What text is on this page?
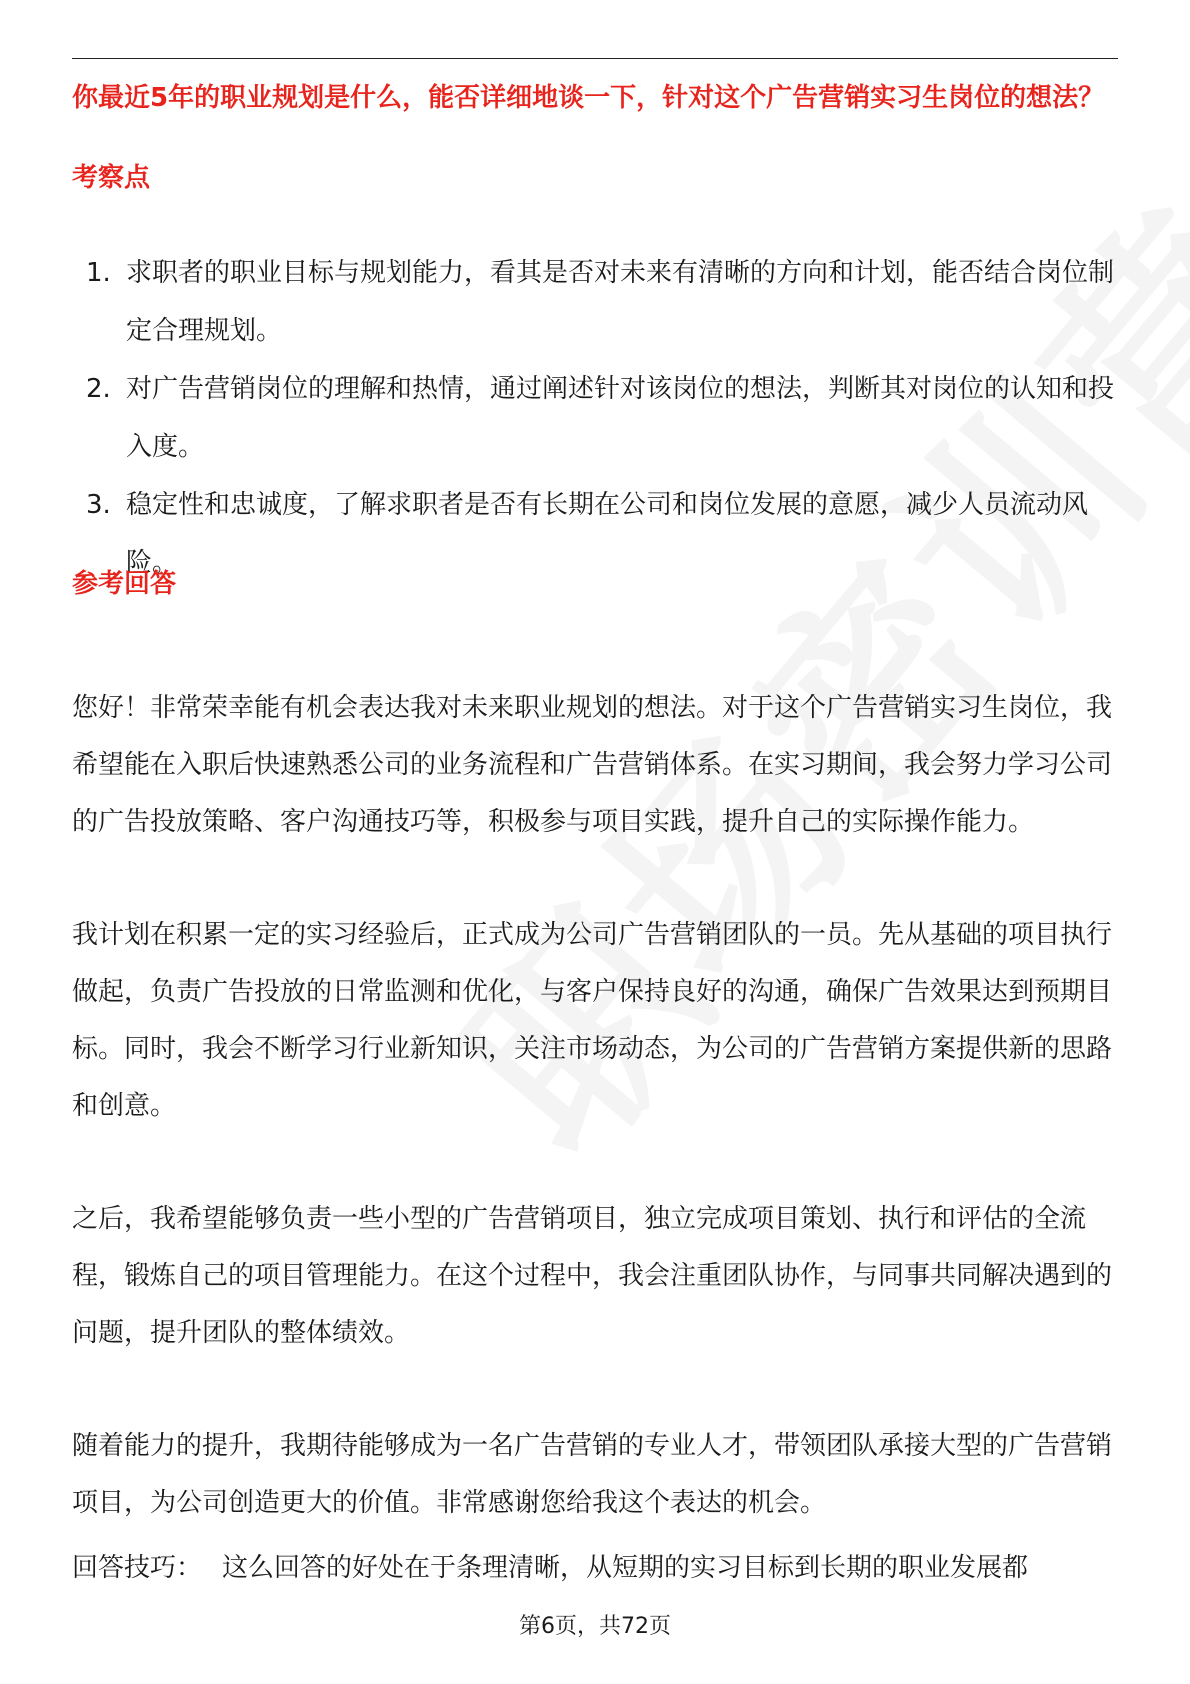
你最近5年的职业规划是什么，能否详细地谈一下，针对这个广告营销实习生岗位的想法？
考察点
1. 求职者的职业目标与规划能力，看其是否对未来有清晰的方向和计划，能否结合岗位制定合理规划。
2. 对广告营销岗位的理解和热情，通过阐述针对该岗位的想法，判断其对岗位的认知和投入度。
3. 稳定性和忠诚度，了解求职者是否有长期在公司和岗位发展的意愿，减少人员流动风险。
参考回答

您好！非常荣幸能有机会表达我对未来职业规划的想法。对于这个广告营销实习生岗位，我希望能在入职后快速熟悉公司的业务流程和广告营销体系。在实习期间，我会努力学习公司的广告投放策略、客户沟通技巧等，积极参与项目实践，提升自己的实际操作能力。

我计划在积累一定的实习经验后，正式成为公司广告营销团队的一员。先从基础的项目执行做起，负责广告投放的日常监测和优化，与客户保持良好的沟通，确保广告效果达到预期目标。同时，我会不断学习行业新知识，关注市场动态，为公司的广告营销方案提供新的思路和创意。

之后，我希望能够负责一些小型的广告营销项目，独立完成项目策划、执行和评估的全流程，锻炼自己的项目管理能力。在这个过程中，我会注重团队协作，与同事共同解决遇到的问题，提升团队的整体绩效。

随着能力的提升，我期待能够成为一名广告营销的专业人才，带领团队承接大型的广告营销项目，为公司创造更大的价值。非常感谢您给我这个表达的机会。

回答技巧： 这么回答的好处在于条理清晰，从短期的实习目标到长期的职业发展都

第6页，共72页
